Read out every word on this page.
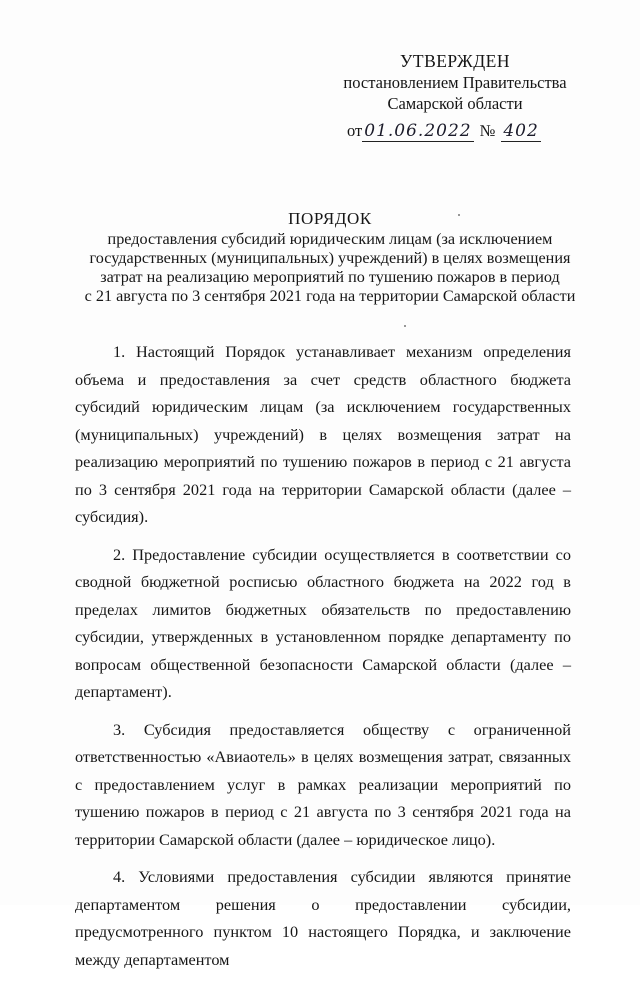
УТВЕРЖДЕН
постановлением Правительства
Самарской области
от 01.06.2022 № 402
ПОРЯДОК
предоставления субсидий юридическим лицам (за исключением
государственных (муниципальных) учреждений) в целях возмещения
затрат на реализацию мероприятий по тушению пожаров в период
с 21 августа по 3 сентября 2021 года на территории Самарской области

1. Настоящий Порядок устанавливает механизм определения объема и предоставления за счет средств областного бюджета субсидий юридическим лицам (за исключением государственных (муниципальных) учреждений) в целях возмещения затрат на реализацию мероприятий по тушению пожаров в период с 21 августа по 3 сентября 2021 года на территории Самарской области (далее – субсидия).

2. Предоставление субсидии осуществляется в соответствии со сводной бюджетной росписью областного бюджета на 2022 год в пределах лимитов бюджетных обязательств по предоставлению субсидии, утвержденных в установленном порядке департаменту по вопросам общественной безопасности Самарской области (далее – департамент).

3. Субсидия предоставляется обществу с ограниченной ответственностью «Авиаотель» в целях возмещения затрат, связанных с предоставлением услуг в рамках реализации мероприятий по тушению пожаров в период с 21 августа по 3 сентября 2021 года на территории Самарской области (далее – юридическое лицо).

4. Условиями предоставления субсидии являются принятие департаментом решения о предоставлении субсидии, предусмотренного пунктом 10 настоящего Порядка, и заключение между департаментом
